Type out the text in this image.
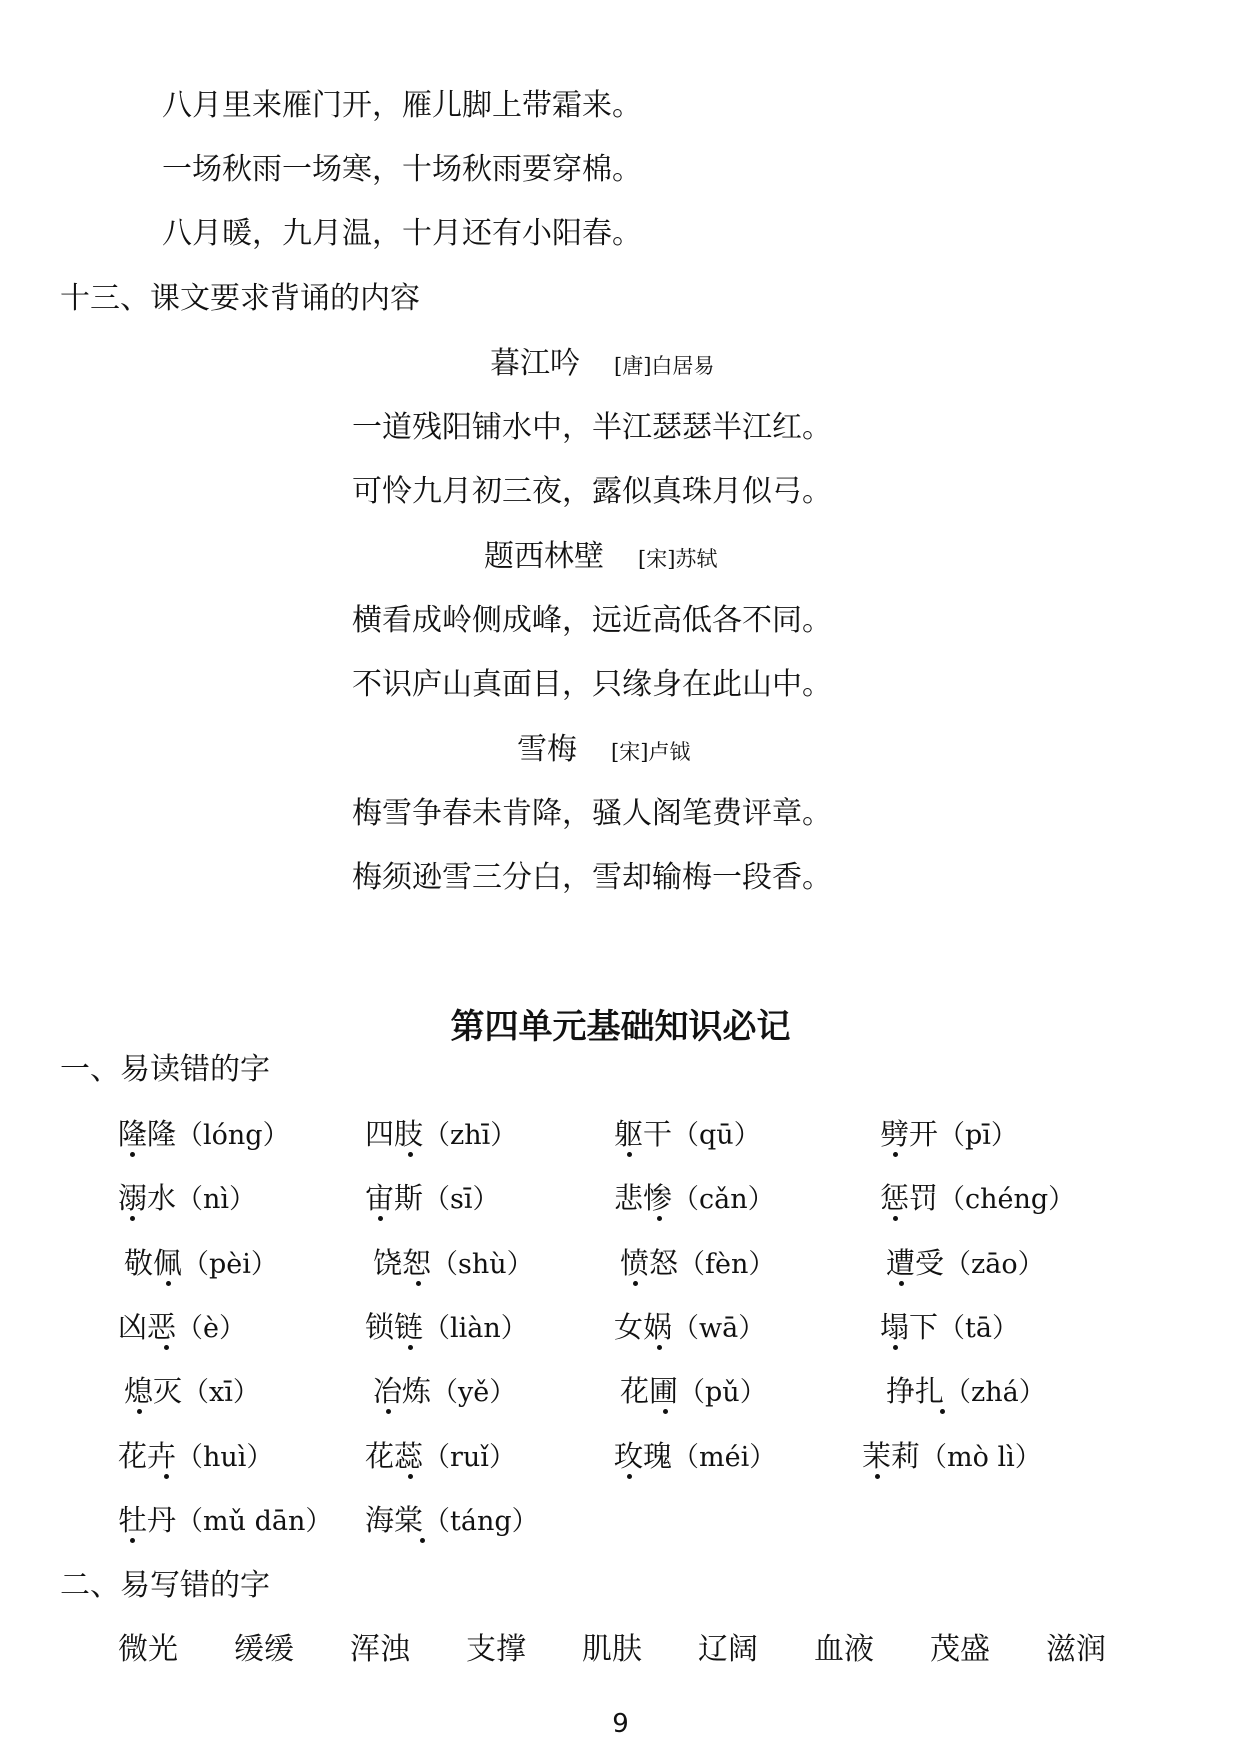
八月里来雁门开，雁儿脚上带霜来。
一场秋雨一场寒，十场秋雨要穿棉。
八月暖，九月温，十月还有小阳春。
十三、课文要求背诵的内容
暮江吟 [唐]白居易
一道残阳铺水中，半江瑟瑟半江红。
可怜九月初三夜，露似真珠月似弓。
题西林壁 [宋]苏轼
横看成岭侧成峰，远近高低各不同。
不识庐山真面目，只缘身在此山中。
雪梅 [宋]卢钺
梅雪争春未肯降，骚人阁笔费评章。
梅须逊雪三分白，雪却输梅一段香。
第四单元基础知识必记
一、易读错的字
隆隆（lóng）	四肢（zhī）	躯干（qū）	劈开（pī）
溺水（nì）	宙斯（sī）	悲惨（cǎn）	惩罚（chéng）
敬佩（pèi）	饶恕（shù）	愤怒（fèn）	遭受（zāo）
凶恶（è）	锁链（liàn）	女娲（wā）	塌下（tā）
熄灭（xī）	冶炼（yě）	花圃（pǔ）	挣扎（zhá）
花卉（huì）	花蕊（ruǐ）	玫瑰（méi）	茉莉（mò lì）
牡丹（mǔ dān） 海棠（táng）
二、易写错的字
微光 缓缓 浑浊 支撑 肌肤 辽阔 血液 茂盛 滋润
9
